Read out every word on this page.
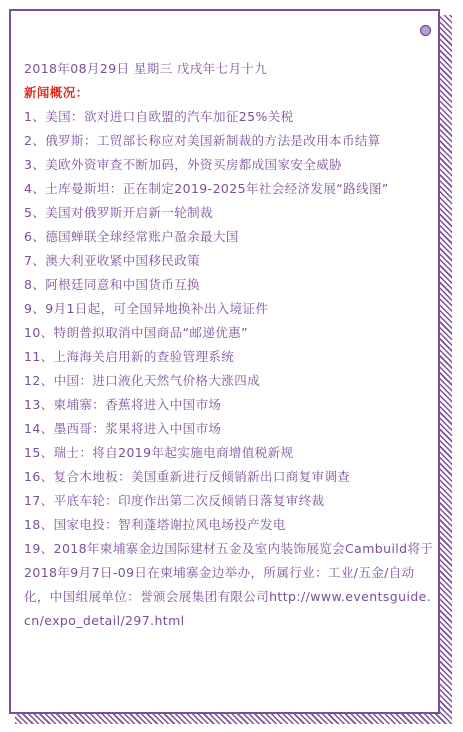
2018年08月29日 星期三 戊戌年七月十九

新闻概况：

1、美国：欲对进口自欧盟的汽车加征25%关税
2、俄罗斯：工贸部长称应对美国新制裁的方法是改用本币结算
3、美欧外资审查不断加码，外资买房都成国家安全威胁
4、土库曼斯坦：正在制定2019-2025年社会经济发展“路线图”
5、美国对俄罗斯开启新一轮制裁
6、德国蝉联全球经常账户盈余最大国
7、澳大利亚收紧中国移民政策
8、阿根廷同意和中国货币互换
9、9月1日起，可全国异地换补出入境证件
10、特朗普拟取消中国商品“邮递优惠”
11、上海海关启用新的查验管理系统
12、中国：进口液化天然气价格大涨四成
13、柬埔寨：香蕉将进入中国市场
14、墨西哥：浆果将进入中国市场
15、瑞士：将自2019年起实施电商增值税新规
16、复合木地板：美国重新进行反倾销新出口商复审调查
17、平底车轮：印度作出第二次反倾销日落复审终裁
18、国家电投：智利蓬塔谢拉风电场投产发电
19、2018年柬埔寨金边国际建材五金及室内装饰展览会Cambuild将于2018年9月7日-09日在柬埔寨金边举办，所属行业：工业/五金/自动化，中国组展单位：誉颁会展集团有限公司http://www.eventsguide.cn/expo_detail/297.html
